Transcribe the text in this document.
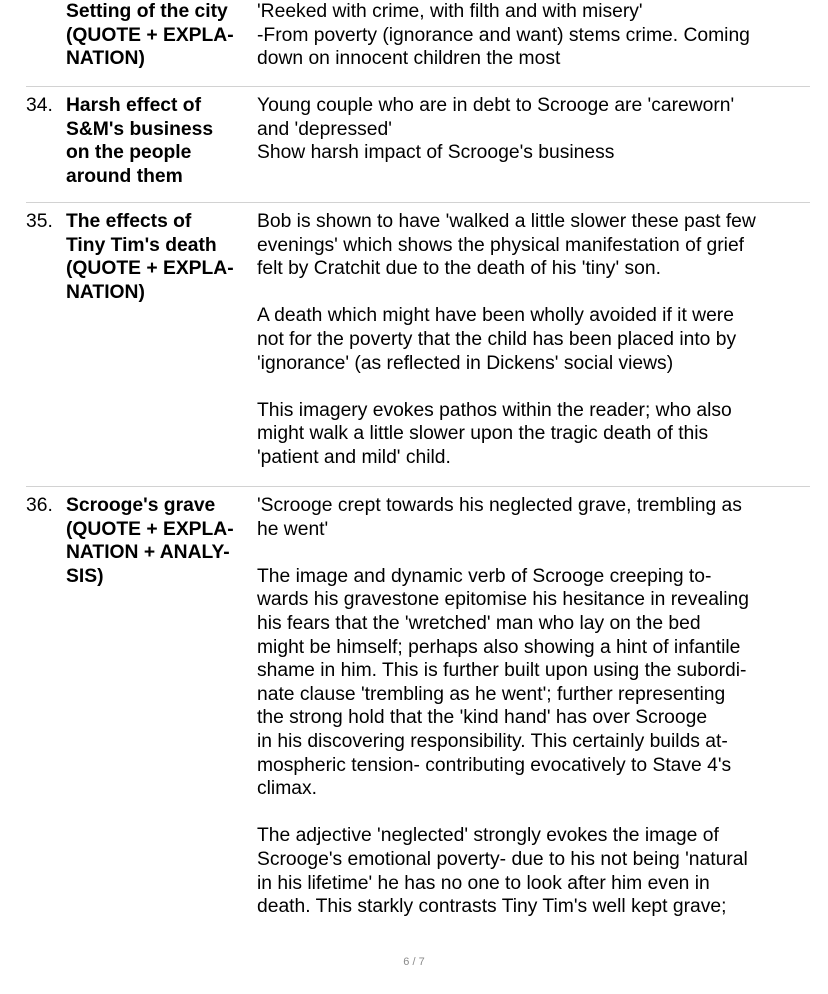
Setting of the city
(QUOTE + EXPLA-
NATION)

'Reeked with crime, with filth and with misery'
-From poverty (ignorance and want) stems crime. Coming
down on innocent children the most

34. Harsh effect of
S&M's business
on the people
around them

Young couple who are in debt to Scrooge are 'careworn'
and 'depressed'
Show harsh impact of Scrooge's business

35. The effects of
Tiny Tim's death
(QUOTE + EXPLA-
NATION)

Bob is shown to have 'walked a little slower these past few
evenings' which shows the physical manifestation of grief
felt by Cratchit due to the death of his 'tiny' son.

A death which might have been wholly avoided if it were
not for the poverty that the child has been placed into by
'ignorance' (as reflected in Dickens' social views)

This imagery evokes pathos within the reader; who also
might walk a little slower upon the tragic death of this
'patient and mild' child.

36. Scrooge's grave
(QUOTE + EXPLA-
NATION + ANALY-
SIS)

'Scrooge crept towards his neglected grave, trembling as
he went'

The image and dynamic verb of Scrooge creeping to-
wards his gravestone epitomise his hesitance in revealing
his fears that the 'wretched' man who lay on the bed
might be himself; perhaps also showing a hint of infantile
shame in him. This is further built upon using the subordi-
nate clause 'trembling as he went'; further representing
the strong hold that the 'kind hand' has over Scrooge
in his discovering responsibility. This certainly builds at-
mospheric tension- contributing evocatively to Stave 4's
climax.

The adjective 'neglected' strongly evokes the image of
Scrooge's emotional poverty- due to his not being 'natural
in his lifetime' he has no one to look after him even in
death. This starkly contrasts Tiny Tim's well kept grave;

6 / 7
